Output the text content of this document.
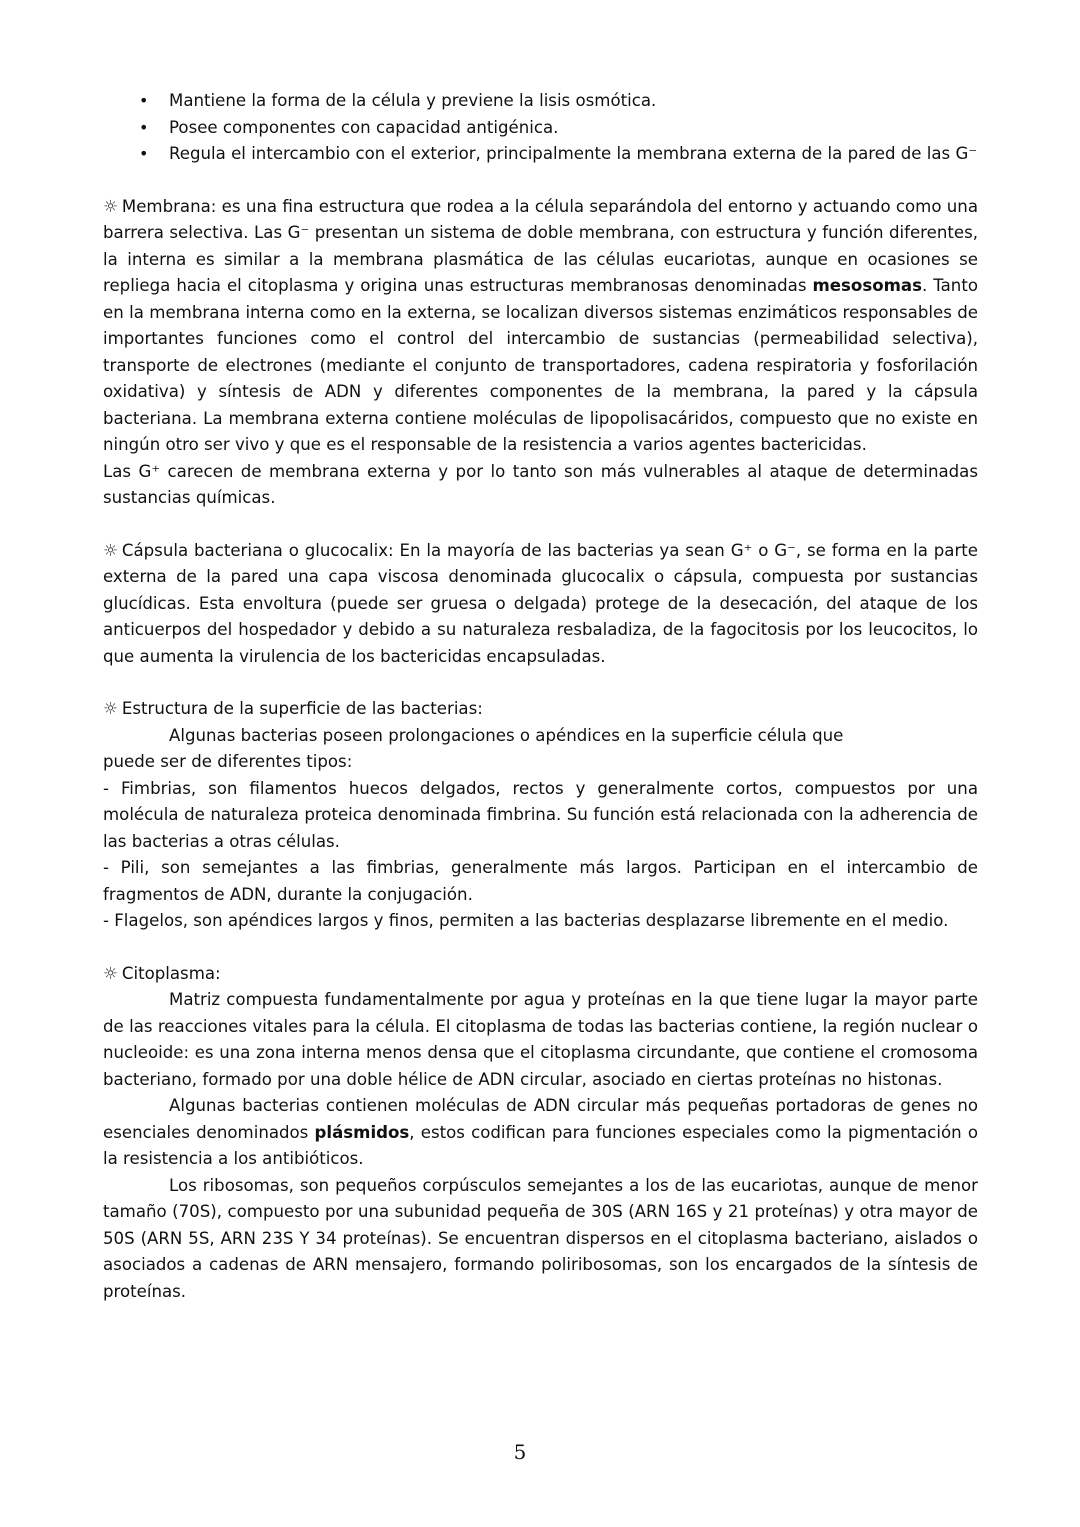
• Mantiene la forma de la célula y previene la lisis osmótica.
• Posee componentes con capacidad antigénica.
• Regula el intercambio con el exterior, principalmente la membrana externa de la pared de las G⁻

☼ Membrana: es una fina estructura que rodea a la célula separándola del entorno y actuando como una barrera selectiva. Las G⁻ presentan un sistema de doble membrana, con estructura y función diferentes, la interna es similar a la membrana plasmática de las células eucariotas, aunque en ocasiones se repliega hacia el citoplasma y origina unas estructuras membranosas denominadas mesosomas. Tanto en la membrana interna como en la externa, se localizan diversos sistemas enzimáticos responsables de importantes funciones como el control del intercambio de sustancias (permeabilidad selectiva), transporte de electrones (mediante el conjunto de transportadores, cadena respiratoria y fosforilación oxidativa) y síntesis de ADN y diferentes componentes de la membrana, la pared y la cápsula bacteriana. La membrana externa contiene moléculas de lipopolisacáridos, compuesto que no existe en ningún otro ser vivo y que es el responsable de la resistencia a varios agentes bactericidas.

Las G⁺ carecen de membrana externa y por lo tanto son más vulnerables al ataque de determinadas sustancias químicas.

☼ Cápsula bacteriana o glucocalix: En la mayoría de las bacterias ya sean G⁺ o G⁻, se forma en la parte externa de la pared una capa viscosa denominada glucocalix o cápsula, compuesta por sustancias glucídicas. Esta envoltura (puede ser gruesa o delgada) protege de la desecación, del ataque de los anticuerpos del hospedador y debido a su naturaleza resbaladiza, de la fagocitosis por los leucocitos, lo que aumenta la virulencia de los bactericidas encapsuladas.

☼ Estructura de la superficie de las bacterias:

Algunas bacterias poseen prolongaciones o apéndices en la superficie célula que
puede ser de diferentes tipos:

- Fimbrias, son filamentos huecos delgados, rectos y generalmente cortos, compuestos por una molécula de naturaleza proteica denominada fimbrina. Su función está relacionada con la adherencia de las bacterias a otras células.

- Pili, son semejantes a las fimbrias, generalmente más largos. Participan en el intercambio de fragmentos de ADN, durante la conjugación.

- Flagelos, son apéndices largos y finos, permiten a las bacterias desplazarse libremente en el medio.

☼ Citoplasma:

Matriz compuesta fundamentalmente por agua y proteínas en la que tiene lugar la mayor parte de las reacciones vitales para la célula. El citoplasma de todas las bacterias contiene, la región nuclear o nucleoide: es una zona interna menos densa que el citoplasma circundante, que contiene el cromosoma bacteriano, formado por una doble hélice de ADN circular, asociado en ciertas proteínas no histonas.

Algunas bacterias contienen moléculas de ADN circular más pequeñas portadoras de genes no esenciales denominados plásmidos, estos codifican para funciones especiales como la pigmentación o la resistencia a los antibióticos.

Los ribosomas, son pequeños corpúsculos semejantes a los de las eucariotas, aunque de menor tamaño (70S), compuesto por una subunidad pequeña de 30S (ARN 16S y 21 proteínas) y otra mayor de 50S (ARN 5S, ARN 23S Y 34 proteínas). Se encuentran dispersos en el citoplasma bacteriano, aislados o asociados a cadenas de ARN mensajero, formando poliribosomas, son los encargados de la síntesis de proteínas.

5
